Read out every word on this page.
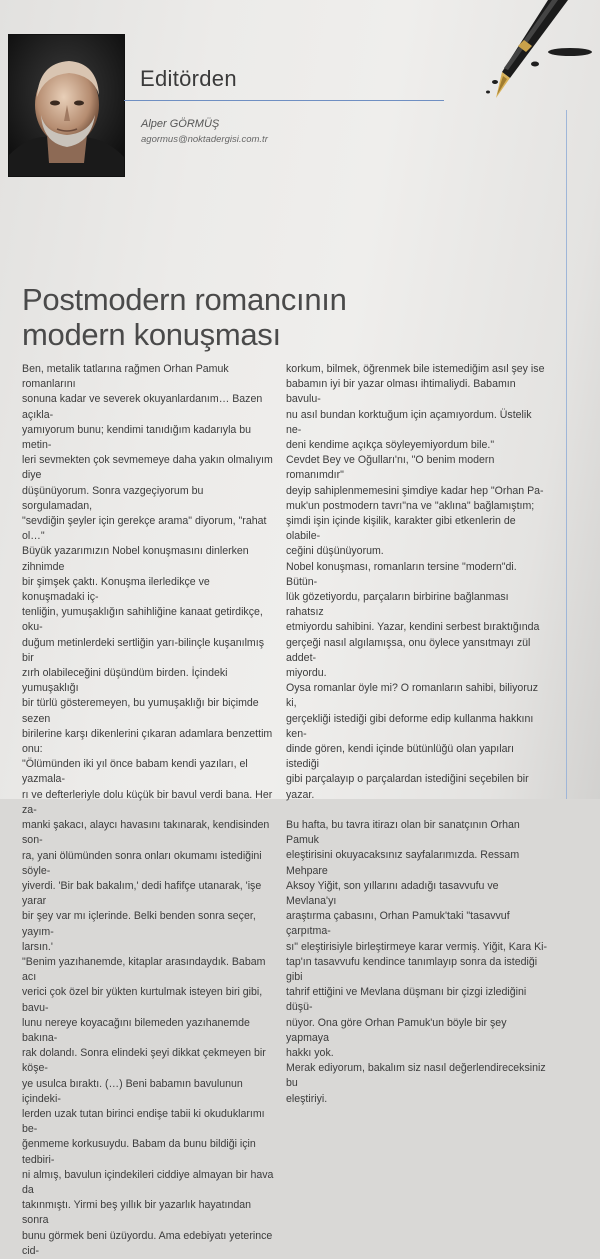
Editörden
Alper GÖRMÜŞ
agormus@noktadergisi.com.tr
Postmodern romancının
modern konuşması

Ben, metalik tatlarına rağmen Orhan Pamuk romanlarını

sonuna kadar ve severek okuyanlardanım… Bazen açıkla-

yamıyorum bunu; kendimi tanıdığım kadarıyla bu metin-

leri sevmekten çok sevmemeye daha yakın olmalıyım diye

düşünüyorum. Sonra vazgeçiyorum bu sorgulamadan,

"sevdiğin şeyler için gerekçe arama" diyorum, "rahat ol…"

Büyük yazarımızın Nobel konuşmasını dinlerken zihnimde

bir şimşek çaktı. Konuşma ilerledikçe ve konuşmadaki iç-

tenliğin, yumuşaklığın sahihliğine kanaat getirdikçe, oku-

duğum metinlerdeki sertliğin yarı-bilinçle kuşanılmış bir

zırh olabileceğini düşündüm birden. İçindeki yumuşaklığı

bir türlü gösteremeyen, bu yumuşaklığı bir biçimde sezen

birilerine karşı dikenlerini çıkaran adamlara benzettim

onu:

"Ölümünden iki yıl önce babam kendi yazıları, el yazmala-

rı ve defterleriyle dolu küçük bir bavul verdi bana. Her za-

manki şakacı, alaycı havasını takınarak, kendisinden son-

ra, yani ölümünden sonra onları okumamı istediğini söyle-

yiverdi. 'Bir bak bakalım,' dedi hafifçe utanarak, 'işe yarar

bir şey var mı içlerinde. Belki benden sonra seçer, yayım-

larsın.'

"Benim yazıhanemde, kitaplar arasındaydık. Babam acı

verici çok özel bir yükten kurtulmak isteyen biri gibi, bavu-

lunu nereye koyacağını bilemeden yazıhanemde bakına-

rak dolandı. Sonra elindeki şeyi dikkat çekmeyen bir köşe-

ye usulca bıraktı. (…) Beni babamın bavulunun içindeki-

lerden uzak tutan birinci endişe tabii ki okuduklarımı be-

ğenmeme korkusuydu. Babam da bunu bildiği için tedbiri-

ni almış, bavulun içindekileri ciddiye almayan bir hava da

takınmıştı. Yirmi beş yıllık bir yazarlık hayatından sonra

bunu görmek beni üzüyordu. Ama edebiyatı yeterince cid-

korkum, bilmek, öğrenmek bile istemediğim asıl şey ise

babamın iyi bir yazar olması ihtimaliydi. Babamın bavulu-

nu asıl bundan korktuğum için açamıyordum. Üstelik ne-

deni kendime açıkça söyleyemiyordum bile."

Cevdet Bey ve Oğulları'nı, "O benim modern romanımdır"

deyip sahiplenmemesini şimdiye kadar hep "Orhan Pa-

muk'un postmodern tavrı"na ve "aklına" bağlamıştım;

şimdi işin içinde kişilik, karakter gibi etkenlerin de olabile-

ceğini düşünüyorum.

Nobel konuşması, romanların tersine "modern"di. Bütün-

lük gözetiyordu, parçaların birbirine bağlanması rahatsız

etmiyordu sahibini. Yazar, kendini serbest bıraktığında

gerçeği nasıl algılamışsa, onu öylece yansıtmayı zül addet-

miyordu.

Oysa romanlar öyle mi? O romanların sahibi, biliyoruz ki,

gerçekliği istediği gibi deforme edip kullanma hakkını ken-

dinde gören, kendi içinde bütünlüğü olan yapıları istediği

gibi parçalayıp o parçalardan istediğini seçebilen bir yazar.

Bu hafta, bu tavra itirazı olan bir sanatçının Orhan Pamuk

eleştirisini okuyacaksınız sayfalarımızda. Ressam Mehpare

Aksoy Yiğit, son yıllarını adadığı tasavvufu ve Mevlana'yı

araştırma çabasını, Orhan Pamuk'taki "tasavvuf çarpıtma-

sı" eleştirisiyle birleştirmeye karar vermiş. Yiğit, Kara Ki-

tap'ın tasavvufu kendince tanımlayıp sonra da istediği gibi

tahrif ettiğini ve Mevlana düşmanı bir çizgi izlediğini düşü-

nüyor. Ona göre Orhan Pamuk'un böyle bir şey yapmaya

hakkı yok.

Merak ediyorum, bakalım siz nasıl değerlendireceksiniz bu

eleştiriyi.
